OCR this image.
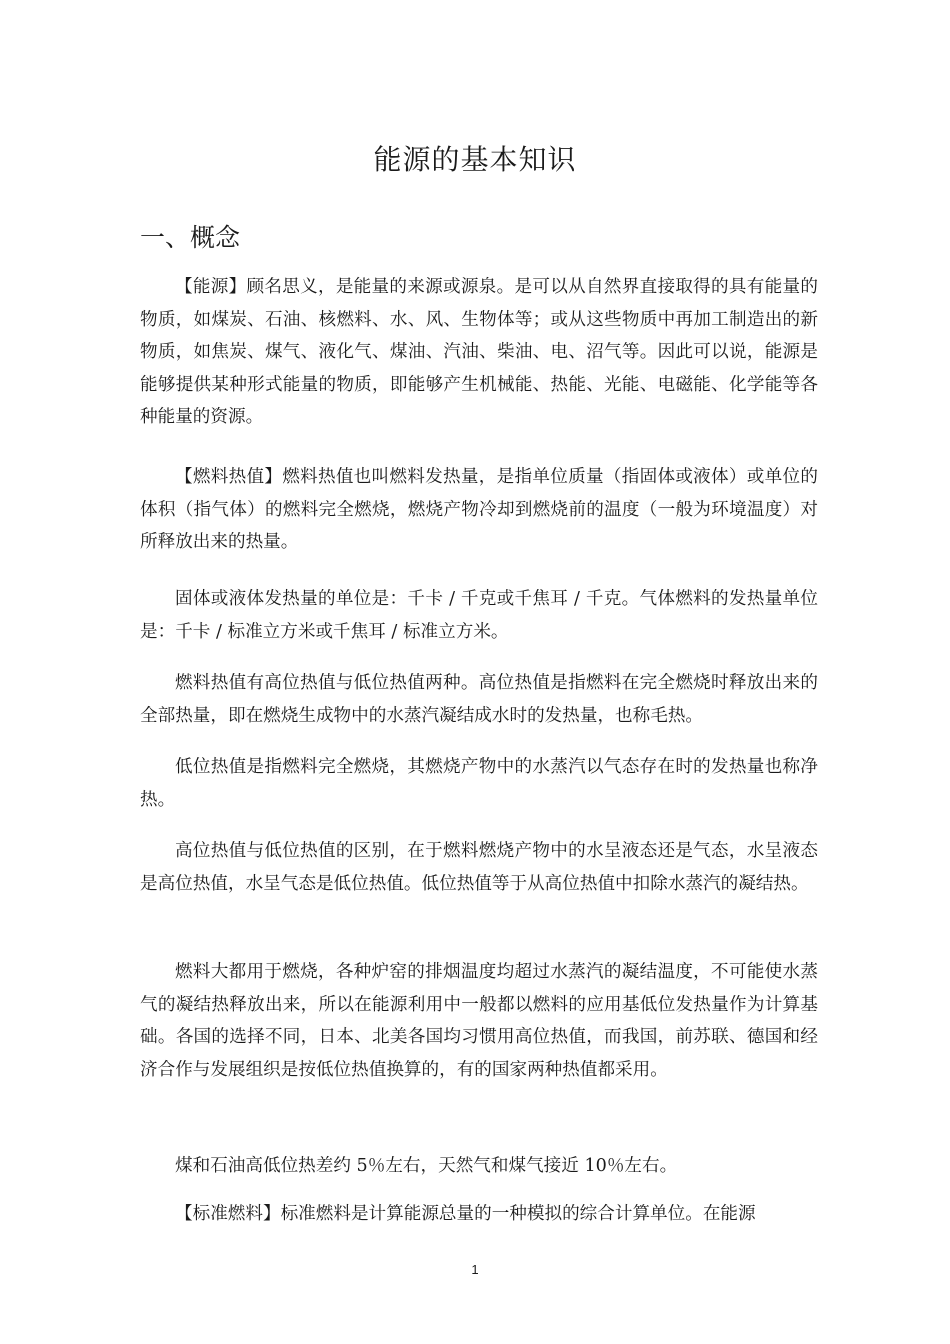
能源的基本知识
一、概念

【能源】顾名思义，是能量的来源或源泉。是可以从自然界直接取得的具有能量的物质，如煤炭、石油、核燃料、水、风、生物体等；或从这些物质中再加工制造出的新物质，如焦炭、煤气、液化气、煤油、汽油、柴油、电、沼气等。因此可以说，能源是能够提供某种形式能量的物质，即能够产生机械能、热能、光能、电磁能、化学能等各种能量的资源。

【燃料热值】燃料热值也叫燃料发热量，是指单位质量（指固体或液体）或单位的体积（指气体）的燃料完全燃烧，燃烧产物冷却到燃烧前的温度（一般为环境温度）对所释放出来的热量。

固体或液体发热量的单位是：千卡 / 千克或千焦耳 / 千克。气体燃料的发热量单位是：千卡 / 标准立方米或千焦耳 / 标准立方米。

燃料热值有高位热值与低位热值两种。高位热值是指燃料在完全燃烧时释放出来的全部热量，即在燃烧生成物中的水蒸汽凝结成水时的发热量，也称毛热。

低位热值是指燃料完全燃烧，其燃烧产物中的水蒸汽以气态存在时的发热量也称净热。

高位热值与低位热值的区别，在于燃料燃烧产物中的水呈液态还是气态，水呈液态是高位热值，水呈气态是低位热值。低位热值等于从高位热值中扣除水蒸汽的凝结热。

燃料大都用于燃烧，各种炉窑的排烟温度均超过水蒸汽的凝结温度，不可能使水蒸气的凝结热释放出来，所以在能源利用中一般都以燃料的应用基低位发热量作为计算基础。各国的选择不同，日本、北美各国均习惯用高位热值，而我国，前苏联、德国和经济合作与发展组织是按低位热值换算的，有的国家两种热值都采用。

煤和石油高低位热差约 5％左右，天然气和煤气接近 10％左右。

【标准燃料】标准燃料是计算能源总量的一种模拟的综合计算单位。在能源

1
